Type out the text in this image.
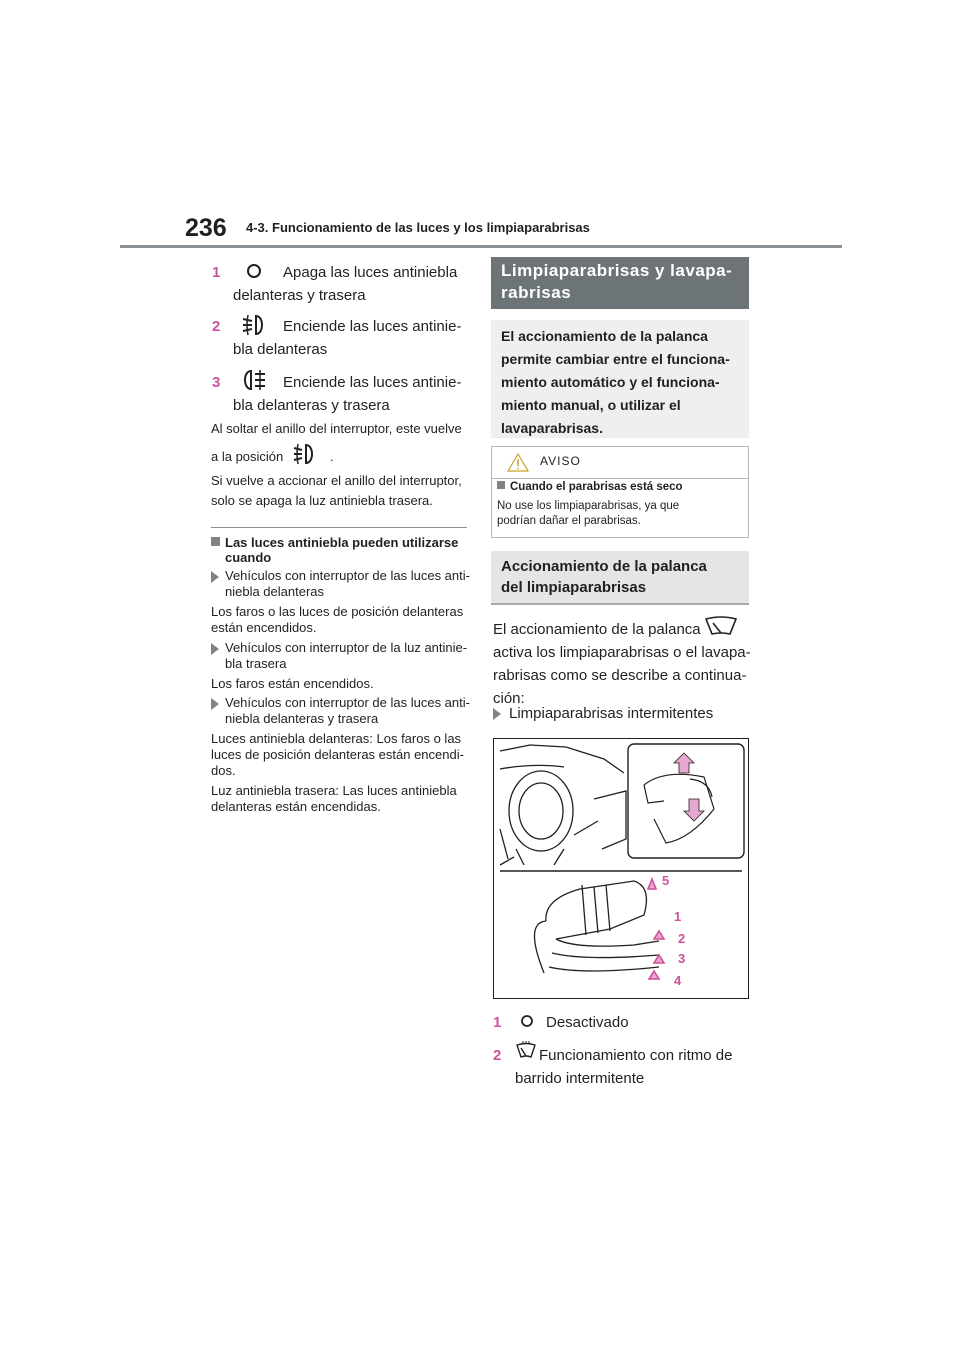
236 4-3. Funcionamiento de las luces y los limpiaparabrisas
1	Apaga las luces antiniebla
delanteras y trasera
2	Enciende las luces antinie-
bla delanteras
3	Enciende las luces antinie-
bla delanteras y trasera
Al soltar el anillo del interruptor, este vuelve
a la posición	.
Si vuelve a accionar el anillo del interruptor,
solo se apaga la luz antiniebla trasera.
Las luces antiniebla pueden utilizarse
cuando
Vehículos con interruptor de las luces anti-
niebla delanteras
Los faros o las luces de posición delanteras
están encendidos.
Vehículos con interruptor de la luz antinie-
bla trasera
Los faros están encendidos.
Vehículos con interruptor de las luces anti-
niebla delanteras y trasera
Luces antiniebla delanteras: Los faros o las
luces de posición delanteras están encendi-
dos.
Luz antiniebla trasera: Las luces antiniebla
delanteras están encendidas.
Limpiaparabrisas y lavapa-
rabrisas
El accionamiento de la palanca
permite cambiar entre el funciona-
miento automático y el funciona-
miento manual, o utilizar el
lavaparabrisas.
AVISO
Cuando el parabrisas está seco
No use los limpiaparabrisas, ya que
podrían dañar el parabrisas.
Accionamiento de la palanca
del limpiaparabrisas
El accionamiento de la palanca
activa los limpiaparabrisas o el lavapa-
rabrisas como se describe a continua-
ción:
Limpiaparabrisas intermitentes
5
1
2
3
4
1	Desactivado
2	Funcionamiento con ritmo de
barrido intermitente
